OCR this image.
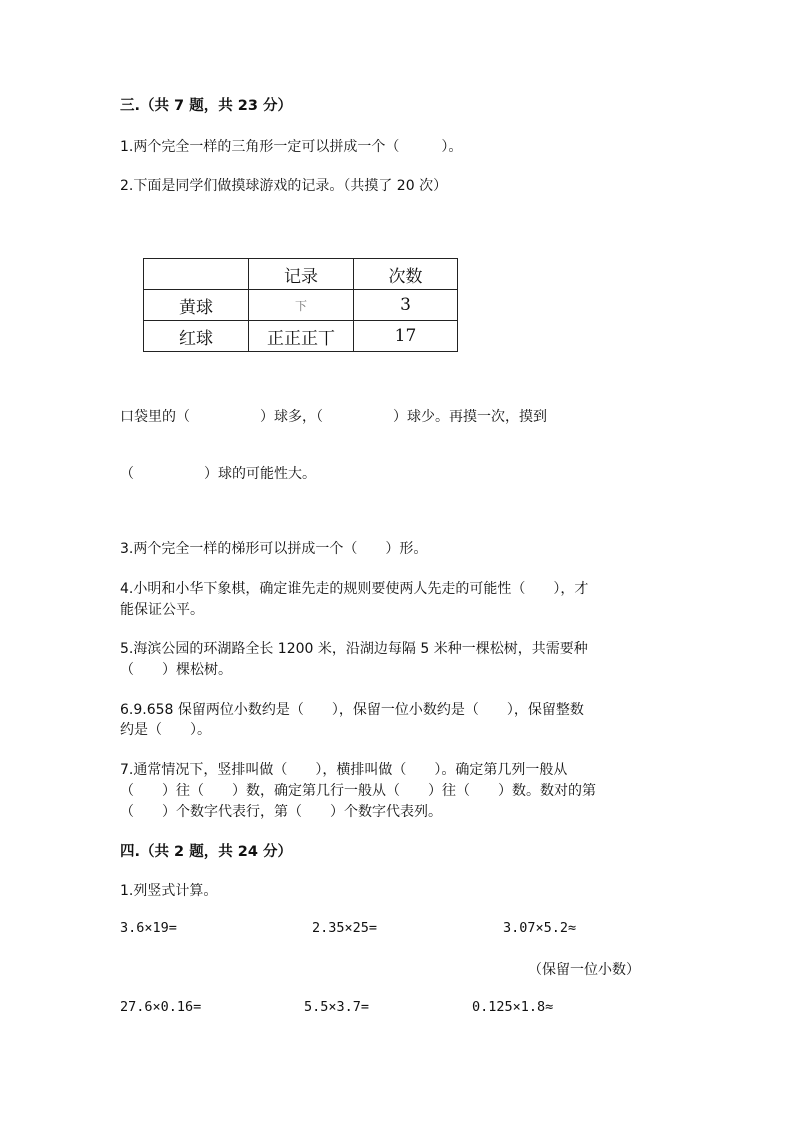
三.（共 7 题，共 23 分）
1.两个完全一样的三角形一定可以拼成一个（　　　）。
2.下面是同学们做摸球游戏的记录。（共摸了 20 次）
	记录	次数
黄球	下	3
红球	正正正丅	17
口袋里的（　　　　　）球多，（　　　　　）球少。再摸一次，摸到
（　　　　　）球的可能性大。
3.两个完全一样的梯形可以拼成一个（　　）形。
4.小明和小华下象棋，确定谁先走的规则要使两人先走的可能性（　　），才
能保证公平。
5.海滨公园的环湖路全长 1200 米，沿湖边每隔 5 米种一棵松树，共需要种
（　　）棵松树。
6.9.658 保留两位小数约是（　　），保留一位小数约是（　　），保留整数
约是（　　）。
7.通常情况下，竖排叫做（　　），横排叫做（　　）。确定第几列一般从
（　　）往（　　）数，确定第几行一般从（　　）往（　　）数。数对的第
（　　）个数字代表行，第（　　）个数字代表列。
四.（共 2 题，共 24 分）
1.列竖式计算。
3.6×19=	2.35×25=	3.07×5.2≈
（保留一位小数）
27.6×0.16=	5.5×3.7=	0.125×1.8≈
